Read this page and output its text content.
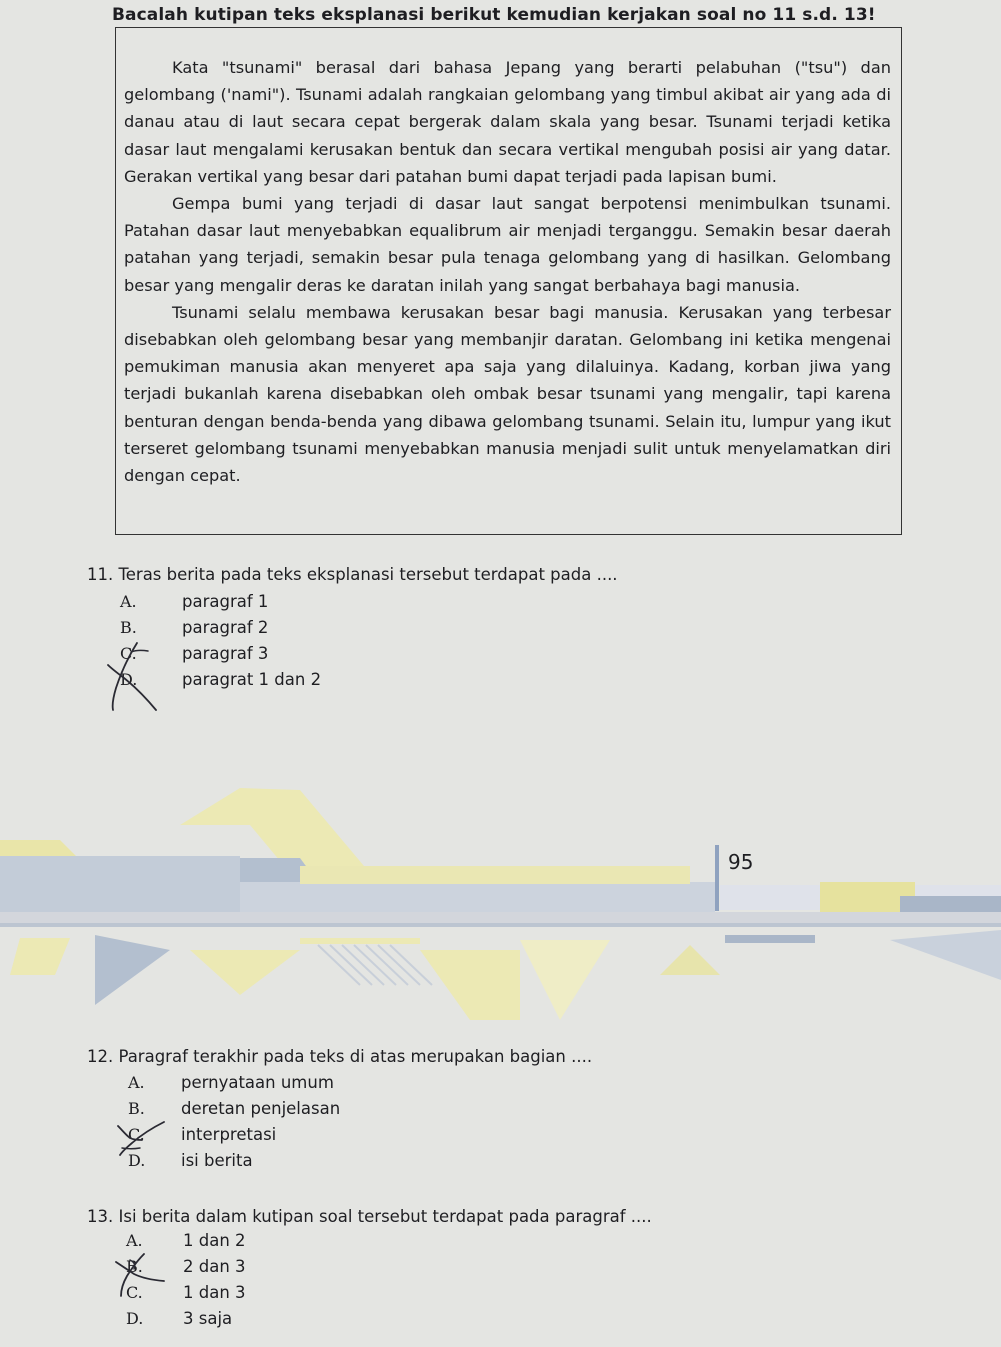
Bacalah kutipan teks eksplanasi berikut kemudian kerjakan soal no 11 s.d. 13!

Kata "tsunami" berasal dari bahasa Jepang yang berarti pelabuhan ("tsu") dan gelombang ('nami"). Tsunami adalah rangkaian gelombang yang timbul akibat air yang ada di danau atau di laut secara cepat bergerak dalam skala yang besar. Tsunami terjadi ketika dasar laut mengalami kerusakan bentuk dan secara vertikal mengubah posisi air yang datar. Gerakan vertikal yang besar dari patahan bumi dapat terjadi pada lapisan bumi.

Gempa bumi yang terjadi di dasar laut sangat berpotensi menimbulkan tsunami. Patahan dasar laut menyebabkan equalibrum air menjadi terganggu. Semakin besar daerah patahan yang terjadi, semakin besar pula tenaga gelombang yang di hasilkan. Gelombang besar yang mengalir deras ke daratan inilah yang sangat berbahaya bagi manusia.

Tsunami selalu membawa kerusakan besar bagi manusia. Kerusakan yang terbesar disebabkan oleh gelombang besar yang membanjir daratan. Gelombang ini ketika mengenai pemukiman manusia akan menyeret apa saja yang dilaluinya. Kadang, korban jiwa yang terjadi bukanlah karena disebabkan oleh ombak besar tsunami yang mengalir, tapi karena benturan dengan benda-benda yang dibawa gelombang tsunami. Selain itu, lumpur yang ikut terseret gelombang tsunami menyebabkan manusia menjadi sulit untuk menyelamatkan diri dengan cepat.

11. Teras berita pada teks eksplanasi tersebut terdapat pada ....
A.	paragraf 1
B.	paragraf 2
C.	paragraf 3
D.	paragrat 1 dan 2
95
12. Paragraf terakhir pada teks di atas merupakan bagian ....
A.	pernyataan umum
B.	deretan penjelasan
C.	interpretasi
D.	isi berita
13. Isi berita dalam kutipan soal tersebut terdapat pada paragraf ....
A.	1 dan 2
B.	2 dan 3
C.	1 dan 3
D.	3 saja
